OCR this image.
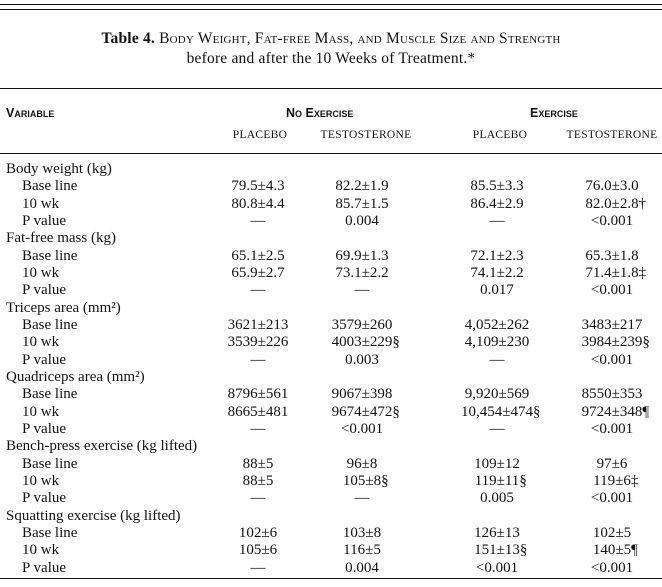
Table 4. Body Weight, Fat-free Mass, and Muscle Size and Strength
before and after the 10 Weeks of Treatment.*
Variable	No Exercise	Exercise
PLACEBO	TESTOSTERONE	PLACEBO	TESTOSTERONE
Body weight (kg)
Base line	79.5±4.3	82.2±1.9	85.5±3.3	76.0±3.0
10 wk	80.8±4.4	85.7±1.5	86.4±2.9	82.0±2.8 †
P value	—	0.004	—	<0.001
Fat-free mass (kg)
Base line	65.1±2.5	69.9±1.3	72.1±2.3	65.3±1.8
10 wk	65.9±2.7	73.1±2.2	74.1±2.2	71.4±1.8 ‡
P value	—	—	0.017	<0.001
Triceps area (mm²)
Base line	3621±213	3579±260	4,052±262	3483±217
10 wk	3539±226	4003±229 §	4,109±230	3984±239 §
P value	—	0.003	—	<0.001
Quadriceps area (mm²)
Base line	8796±561	9067±398	9,920±569	8550±353
10 wk	8665±481	9674±472 §	10,454±474 §	9724±348 ¶
P value	—	<0.001	—	<0.001
Bench-press exercise (kg lifted)
Base line	88±5	96±8	109±12	97±6
10 wk	88±5	105±8 §	119±11 §	119±6 ‡
P value	—	—	0.005	<0.001
Squatting exercise (kg lifted)
Base line	102±6	103±8	126±13	102±5
10 wk	105±6	116±5	151±13 §	140±5 ¶
P value	—	0.004	<0.001	<0.001
